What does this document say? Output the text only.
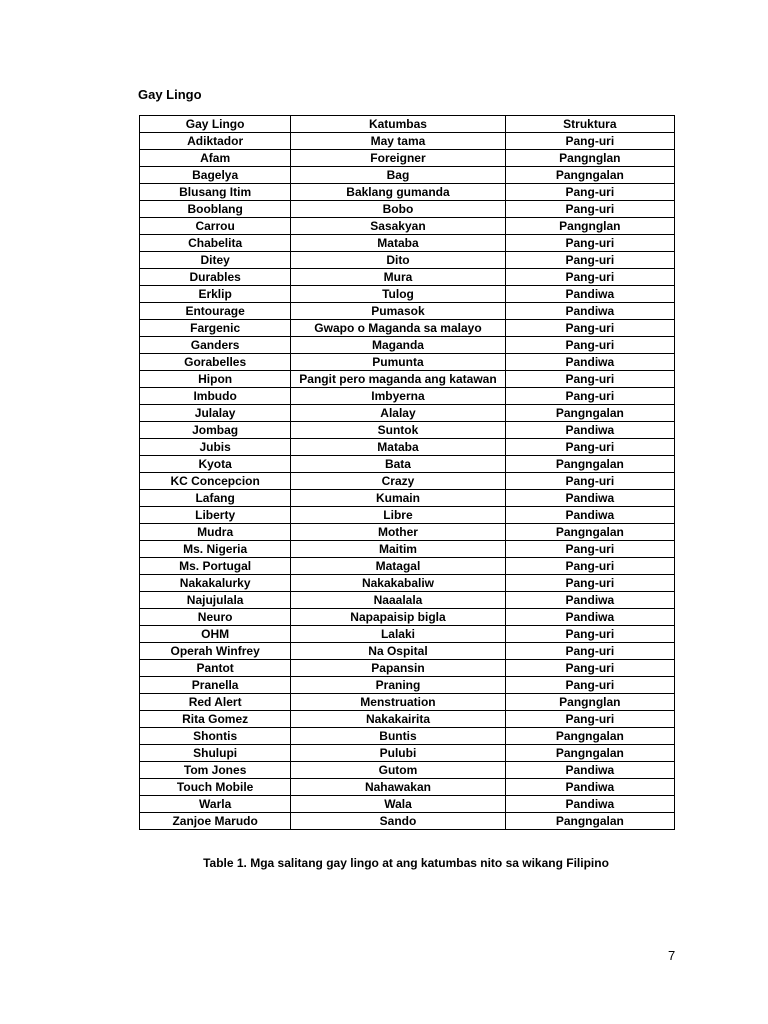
Gay Lingo
Gay Lingo	Katumbas	Struktura
Adiktador	May tama	Pang-uri
Afam	Foreigner	Pangnglan
Bagelya	Bag	Pangngalan
Blusang Itim	Baklang gumanda	Pang-uri
Booblang	Bobo	Pang-uri
Carrou	Sasakyan	Pangnglan
Chabelita	Mataba	Pang-uri
Ditey	Dito	Pang-uri
Durables	Mura	Pang-uri
Erklip	Tulog	Pandiwa
Entourage	Pumasok	Pandiwa
Fargenic	Gwapo o Maganda sa malayo	Pang-uri
Ganders	Maganda	Pang-uri
Gorabelles	Pumunta	Pandiwa
Hipon	Pangit pero maganda ang katawan	Pang-uri
Imbudo	Imbyerna	Pang-uri
Julalay	Alalay	Pangngalan
Jombag	Suntok	Pandiwa
Jubis	Mataba	Pang-uri
Kyota	Bata	Pangngalan
KC Concepcion	Crazy	Pang-uri
Lafang	Kumain	Pandiwa
Liberty	Libre	Pandiwa
Mudra	Mother	Pangngalan
Ms. Nigeria	Maitim	Pang-uri
Ms. Portugal	Matagal	Pang-uri
Nakakalurky	Nakakabaliw	Pang-uri
Najujulala	Naaalala	Pandiwa
Neuro	Napapaisip bigla	Pandiwa
OHM	Lalaki	Pang-uri
Operah Winfrey	Na Ospital	Pang-uri
Pantot	Papansin	Pang-uri
Pranella	Praning	Pang-uri
Red Alert	Menstruation	Pangnglan
Rita Gomez	Nakakairita	Pang-uri
Shontis	Buntis	Pangngalan
Shulupi	Pulubi	Pangngalan
Tom Jones	Gutom	Pandiwa
Touch Mobile	Nahawakan	Pandiwa
Warla	Wala	Pandiwa
Zanjoe Marudo	Sando	Pangngalan
Table 1. Mga salitang gay lingo at ang katumbas nito sa wikang Filipino
7
